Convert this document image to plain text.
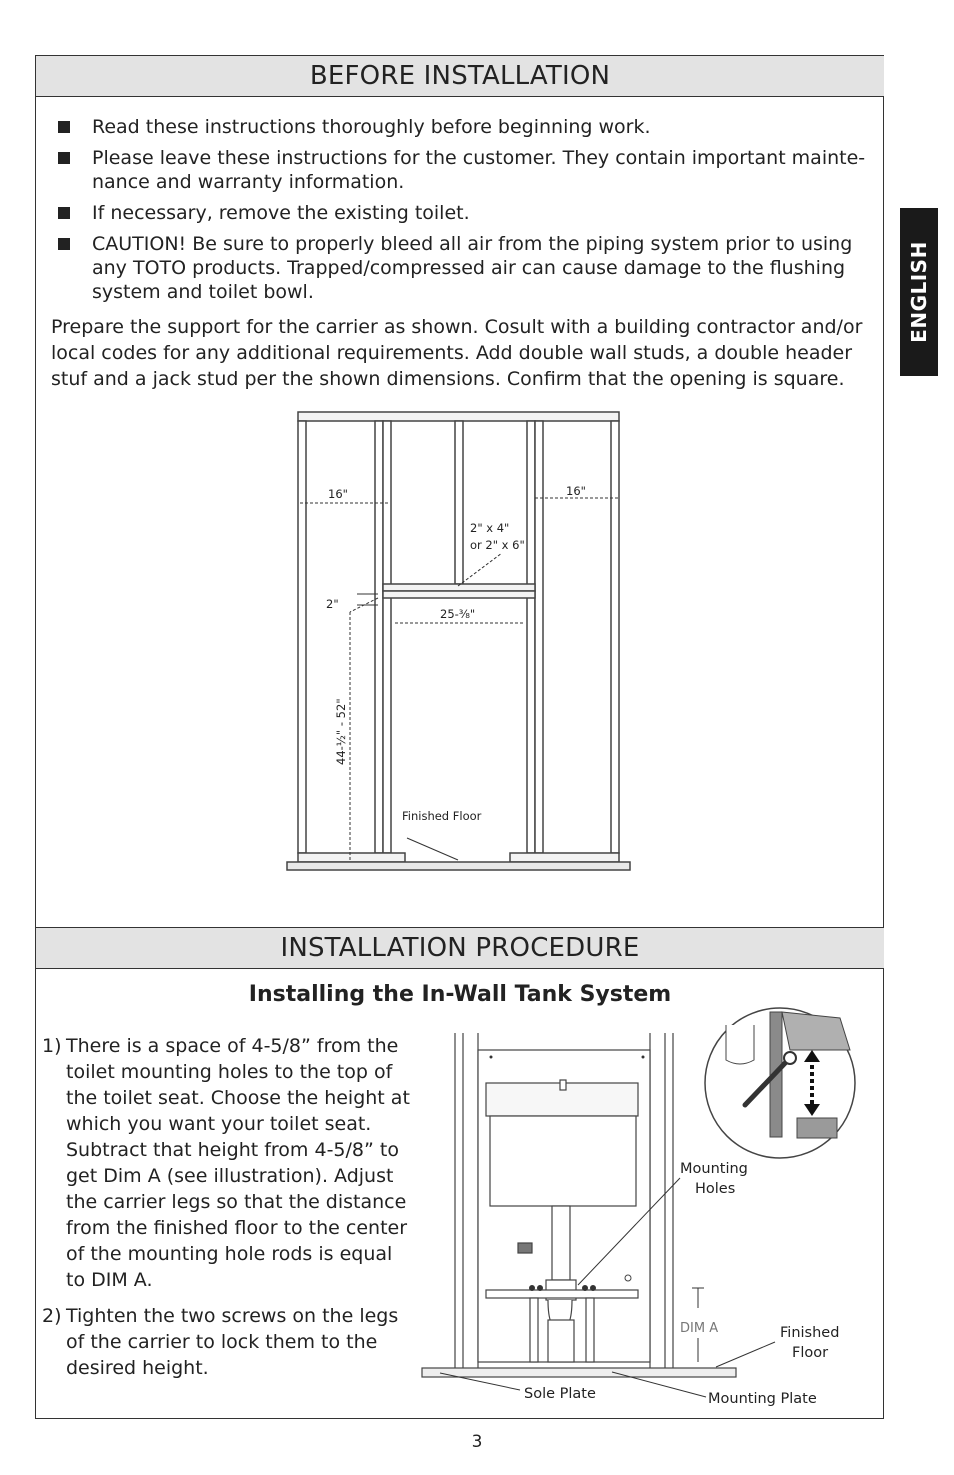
BEFORE INSTALLATION
ENGLISH
Read these instructions thoroughly before beginning work.
Please leave these instructions for the customer. They contain important mainte-nance and warranty information.
If necessary, remove the existing toilet.
CAUTION! Be sure to properly bleed all air from the piping system prior to using any TOTO products. Trapped/compressed air can cause damage to the flushing system and toilet bowl.

Prepare the support for the carrier as shown. Cosult with a building contractor and/or local codes for any additional requirements. Add double wall studs, a double header stuf and a jack stud per the shown dimensions. Confirm that the opening is square.

16"	16"
2" x 4"
or 2" x 6"
2"
25-⅜"
44-½" - 52"
Finished Floor
INSTALLATION PROCEDURE
Installing the In-Wall Tank System
1) There is a space of 4-5/8” from the toilet mounting holes to the top of the toilet seat. Choose the height at which you want your toilet seat. Subtract that height from 4-5/8” to get Dim A (see illustration). Adjust the carrier legs so that the distance from the finished floor to the center of the mounting hole rods is equal to DIM A.
2) Tighten the two screws on the legs of the carrier to lock them to the desired height.
Mounting
Holes
DIM A	Finished
Floor
Sole Plate	Mounting Plate
3
